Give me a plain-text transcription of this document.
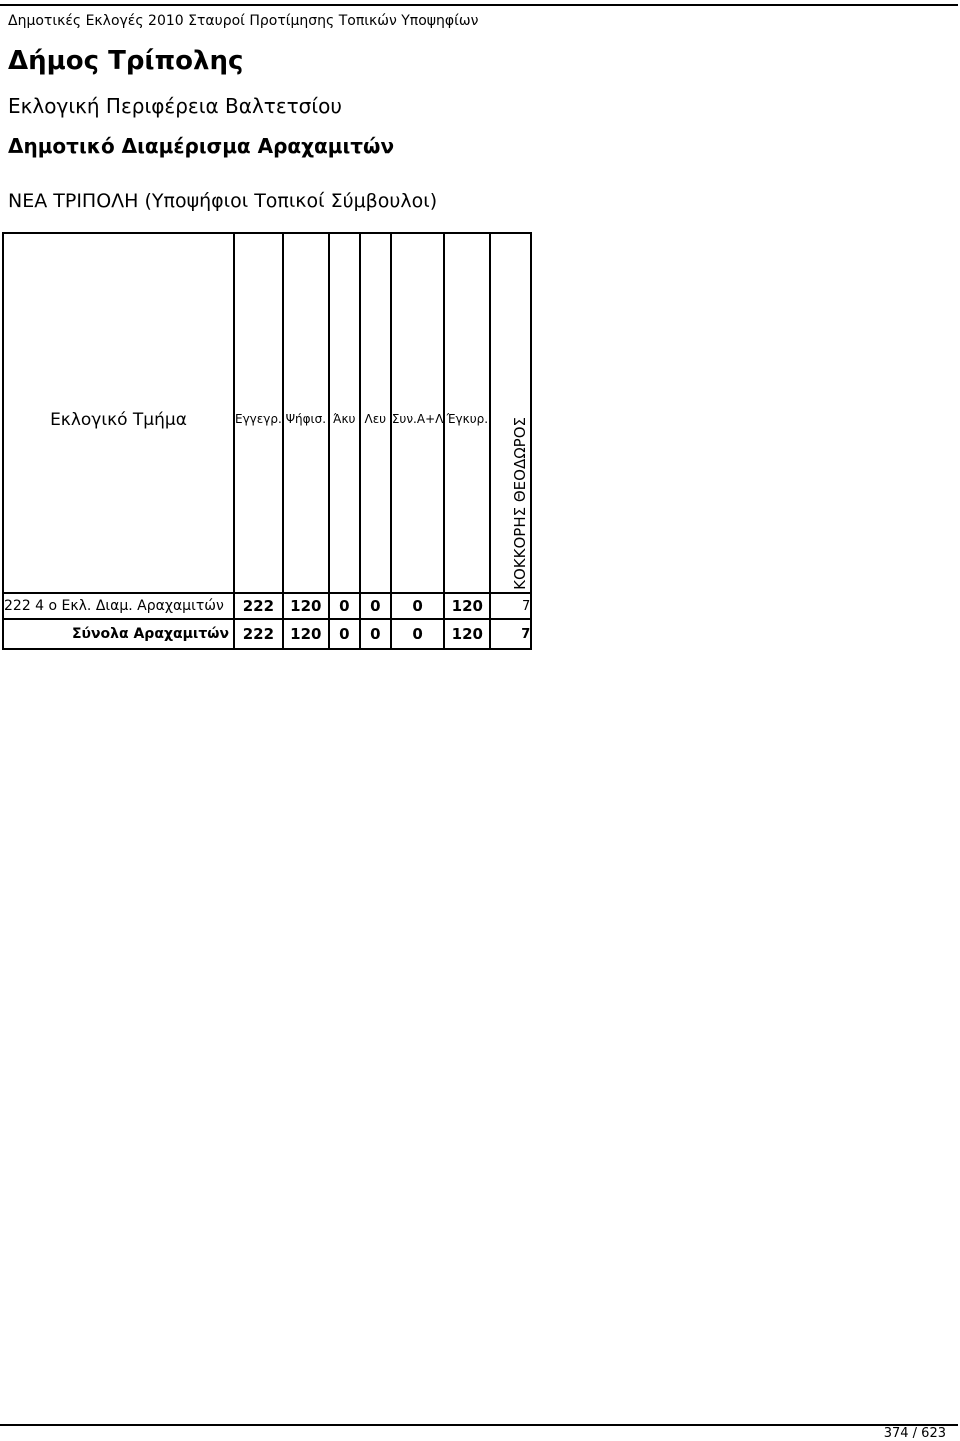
Δημοτικές Εκλογές 2010 Σταυροί Προτίμησης Τοπικών Υποψηφίων
Δήμος Τρίπολης
Εκλογική Περιφέρεια Βαλτετσίου
Δημοτικό Διαμέρισμα Αραχαμιτών
ΝΕΑ ΤΡΙΠΟΛΗ (Υποψήφιοι Τοπικοί Σύμβουλοι)
Εκλογικό Τμήμα	Εγγεγρ.	Ψήφισ.	Άκυ	Λευ	Συν.Α+Λ	Έγκυρ.	ΚΟΚΚΟΡΗΣ ΘΕΟΔΩΡΟΣ

222 4 ο Εκλ. Διαμ. Αραχαμιτών	222	120	0	0	0	120	7
Σύνολα Αραχαμιτών	222	120	0	0	0	120	7
374 / 623
